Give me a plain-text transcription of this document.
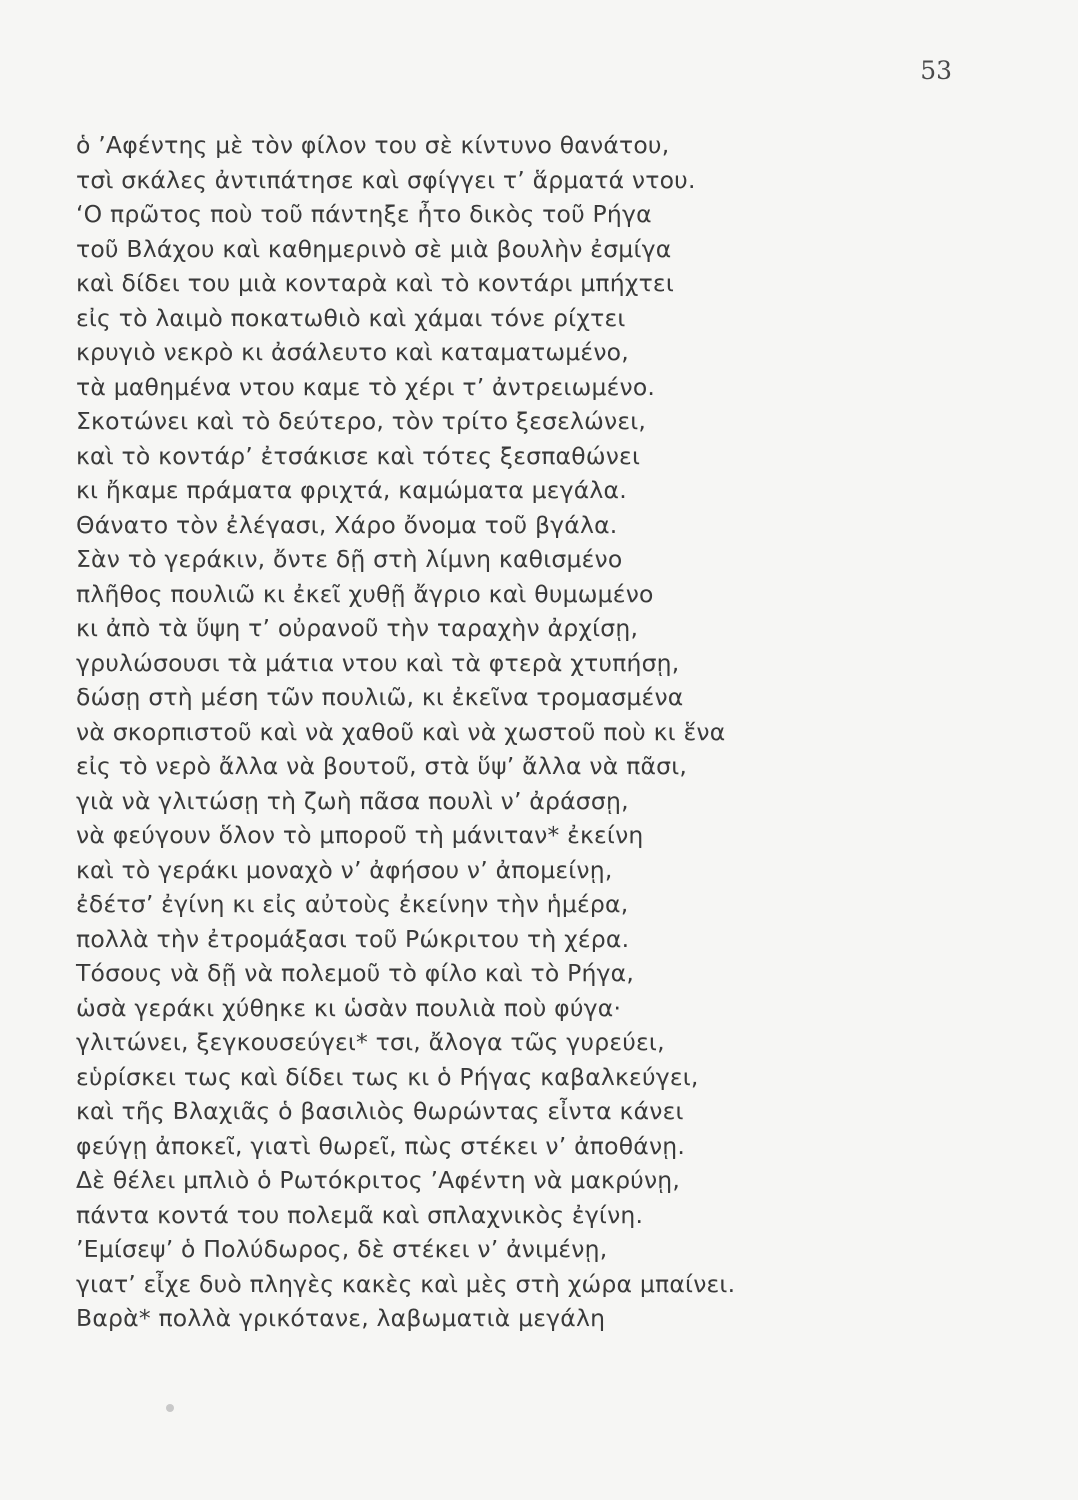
53
ὁ ’Αφέντης μὲ τὸν φίλον του σὲ κίντυνο θανάτου,
τσὶ σκάλες ἀντιπάτησε καὶ σφίγγει τ’ ἅρματά ντου.
‘Ο πρῶτος ποὺ τοῦ πάντηξε ἦτο δικὸς τοῦ Ρήγα
τοῦ Βλάχου καὶ καθημερινὸ σὲ μιὰ βουλὴν ἐσμίγα
καὶ δίδει του μιὰ κονταρὰ καὶ τὸ κοντάρι μπήχτει
εἰς τὸ λαιμὸ ποκατωθιὸ καὶ χάμαι τόνε ρίχτει
κρυγιὸ νεκρὸ κι ἀσάλευτο καὶ καταματωμένο,
τὰ μαθημένα ντου καμε τὸ χέρι τ’ ἀντρειωμένο.
Σκοτώνει καὶ τὸ δεύτερο, τὸν τρίτο ξεσελώνει,
καὶ τὸ κοντάρ’ ἐτσάκισε καὶ τότες ξεσπαθώνει
κι ἤκαμε πράματα φριχτά, καμώματα μεγάλα.
Θάνατο τὸν ἐλέγασι, Χάρο ὄνομα τοῦ βγάλα.
Σὰν τὸ γεράκιν, ὄντε δῇ στὴ λίμνη καθισμένο
πλῆθος πουλιῶ κι ἐκεῖ χυθῇ ἄγριο καὶ θυμωμένο
κι ἀπὸ τὰ ὕψη τ’ οὐρανοῦ τὴν ταραχὴν ἀρχίσῃ,
γρυλώσουσι τὰ μάτια ντου καὶ τὰ φτερὰ χτυπήσῃ,
δώσῃ στὴ μέση τῶν πουλιῶ, κι ἐκεῖνα τρομασμένα
νὰ σκορπιστοῦ καὶ νὰ χαθοῦ καὶ νὰ χωστοῦ ποὺ κι ἕνα
εἰς τὸ νερὸ ἄλλα νὰ βουτοῦ, στὰ ὕψ’ ἄλλα νὰ πᾶσι,
γιὰ νὰ γλιτώσῃ τὴ ζωὴ πᾶσα πουλὶ ν’ ἀράσσῃ,
νὰ φεύγουν ὅλον τὸ μποροῦ τὴ μάνιταν* ἐκείνη
καὶ τὸ γεράκι μοναχὸ ν’ ἀφήσου ν’ ἀπομείνῃ,
ἐδέτσ’ ἐγίνη κι εἰς αὐτοὺς ἐκείνην τὴν ἡμέρα,
πολλὰ τὴν ἐτρομάξασι τοῦ Ρώκριτου τὴ χέρα.
Τόσους νὰ δῇ νὰ πολεμοῦ τὸ φίλο καὶ τὸ Ρήγα,
ὡσὰ γεράκι χύθηκε κι ὡσὰν πουλιὰ ποὺ φύγα·
γλιτώνει, ξεγκουσεύγει* τσι, ἄλογα τῶς γυρεύει,
εὑρίσκει τως καὶ δίδει τως κι ὁ Ρήγας καβαλκεύγει,
καὶ τῆς Βλαχιᾶς ὁ βασιλιὸς θωρώντας εἶντα κάνει
φεύγῃ ἀποκεῖ, γιατὶ θωρεῖ, πὼς στέκει ν’ ἀποθάνῃ.
Δὲ θέλει μπλιὸ ὁ Ρωτόκριτος ’Αφέντη νὰ μακρύνῃ,
πάντα κοντά του πολεμᾶ καὶ σπλαχνικὸς ἐγίνη.
’Εμίσεψ’ ὁ Πολύδωρος, δὲ στέκει ν’ ἀνιμένῃ,
γιατ’ εἶχε δυὸ πληγὲς κακὲς καὶ μὲς στὴ χώρα μπαίνει.
Βαρὰ* πολλὰ γρικότανε, λαβωματιὰ μεγάλη
